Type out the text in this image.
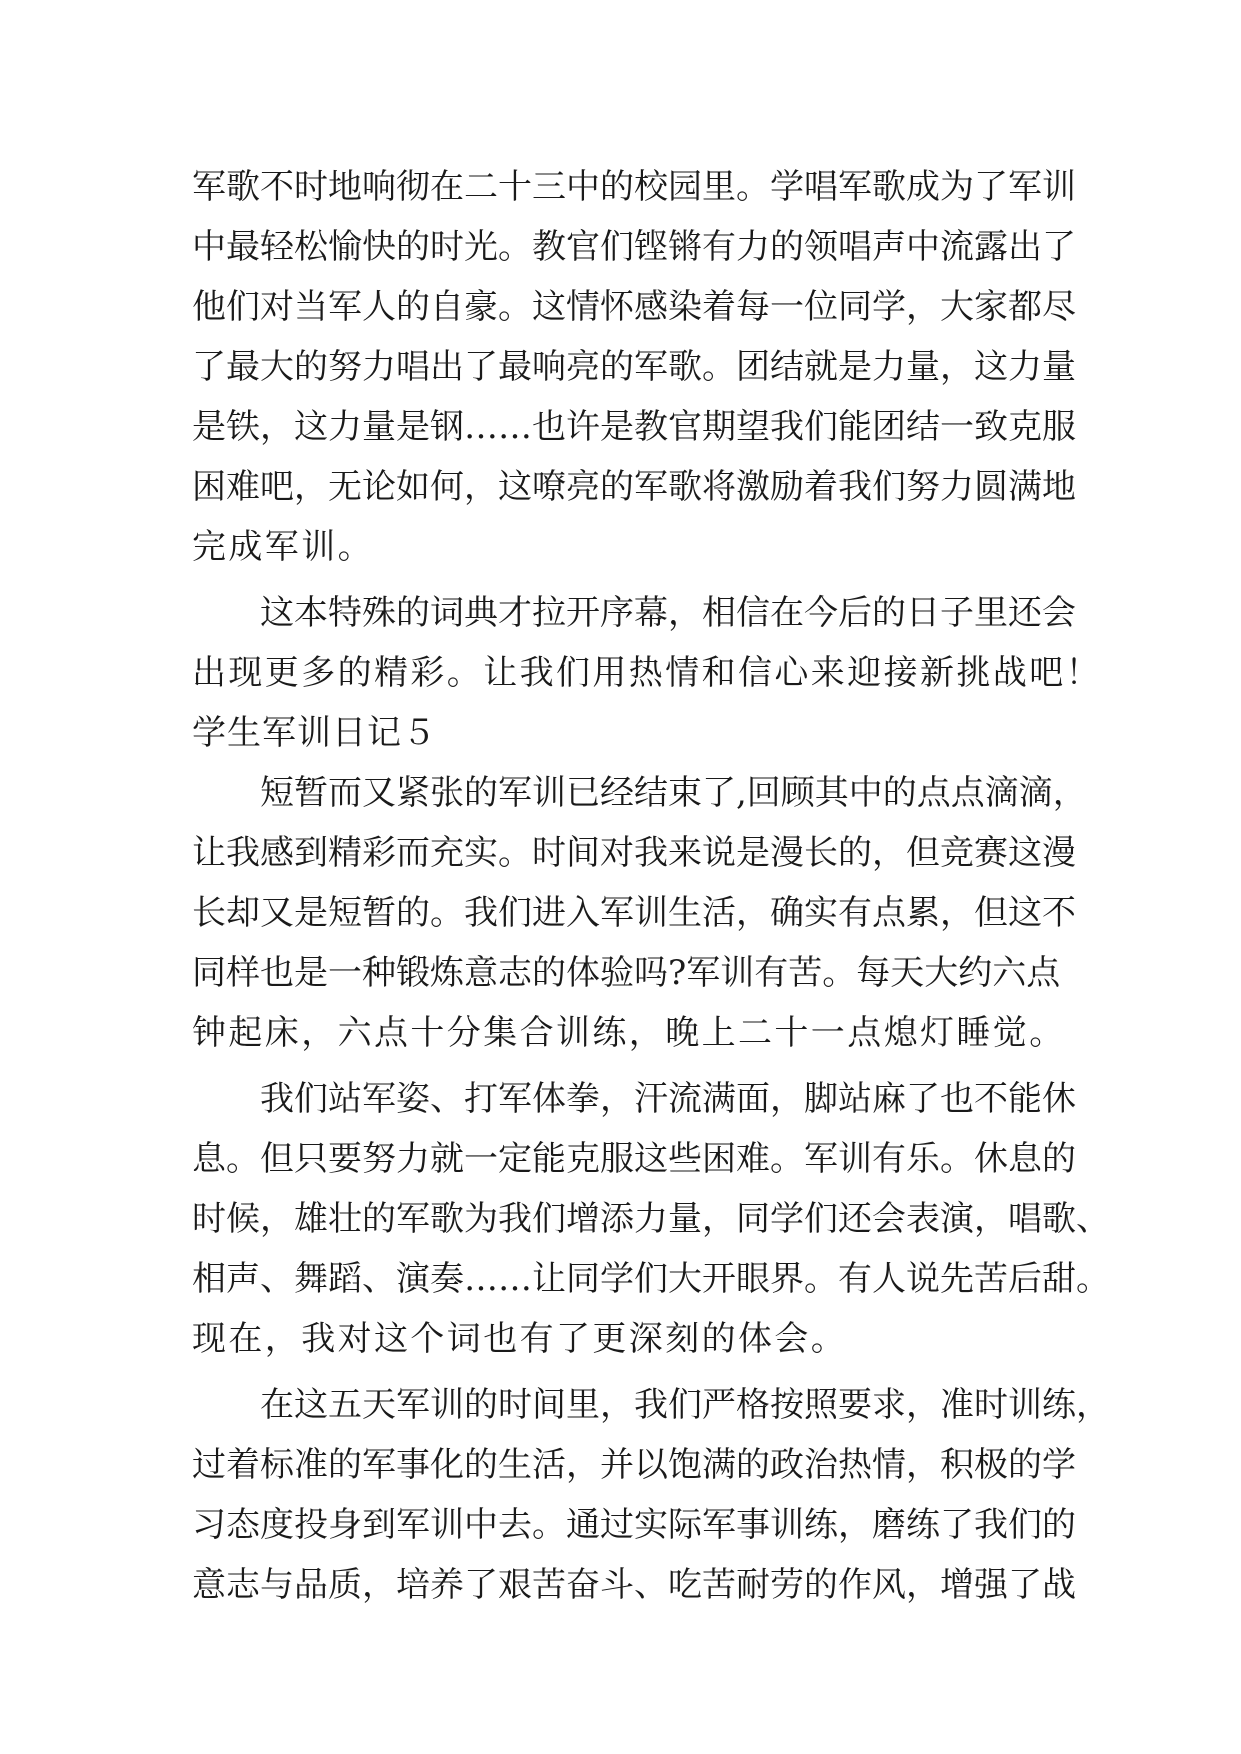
军歌不时地响彻在二十三中的校园里。学唱军歌成为了军训
中最轻松愉快的时光。教官们铿锵有力的领唱声中流露出了
他们对当军人的自豪。这情怀感染着每一位同学，大家都尽
了最大的努力唱出了最响亮的军歌。团结就是力量，这力量
是铁，这力量是钢……也许是教官期望我们能团结一致克服
困难吧，无论如何，这嘹亮的军歌将激励着我们努力圆满地
完成军训。
这本特殊的词典才拉开序幕，相信在今后的日子里还会
出现更多的精彩。让我们用热情和信心来迎接新挑战吧！
学生军训日记５
短暂而又紧张的军训已经结束了,回顾其中的点点滴滴，
让我感到精彩而充实。时间对我来说是漫长的，但竞赛这漫
长却又是短暂的。我们进入军训生活，确实有点累，但这不
同样也是一种锻炼意志的体验吗?军训有苦。每天大约六点
钟起床，六点十分集合训练，晚上二十一点熄灯睡觉。
我们站军姿、打军体拳，汗流满面，脚站麻了也不能休
息。但只要努力就一定能克服这些困难。军训有乐。休息的
时候，雄壮的军歌为我们增添力量，同学们还会表演，唱歌、
相声、舞蹈、演奏……让同学们大开眼界。有人说先苦后甜。
现在，我对这个词也有了更深刻的体会。
在这五天军训的时间里，我们严格按照要求，准时训练，
过着标准的军事化的生活，并以饱满的政治热情，积极的学
习态度投身到军训中去。通过实际军事训练，磨练了我们的
意志与品质，培养了艰苦奋斗、吃苦耐劳的作风，增强了战
